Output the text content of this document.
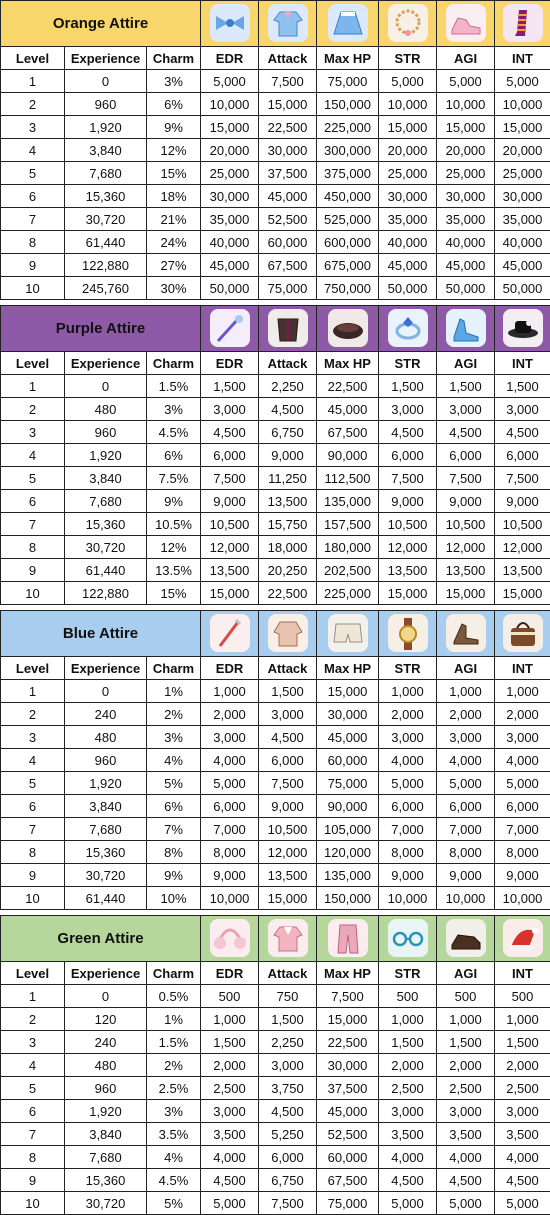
Orange Attire	

Level	Experience	Charm	EDR	Attack	Max HP	STR	AGI	INT
1	0	3%	5,000	7,500	75,000	5,000	5,000	5,000
2	960	6%	10,000	15,000	150,000	10,000	10,000	10,000
3	1,920	9%	15,000	22,500	225,000	15,000	15,000	15,000
4	3,840	12%	20,000	30,000	300,000	20,000	20,000	20,000
5	7,680	15%	25,000	37,500	375,000	25,000	25,000	25,000
6	15,360	18%	30,000	45,000	450,000	30,000	30,000	30,000
7	30,720	21%	35,000	52,500	525,000	35,000	35,000	35,000
8	61,440	24%	40,000	60,000	600,000	40,000	40,000	40,000
9	122,880	27%	45,000	67,500	675,000	45,000	45,000	45,000
10	245,760	30%	50,000	75,000	750,000	50,000	50,000	50,000
Purple Attire	

Level	Experience	Charm	EDR	Attack	Max HP	STR	AGI	INT
1	0	1.5%	1,500	2,250	22,500	1,500	1,500	1,500
2	480	3%	3,000	4,500	45,000	3,000	3,000	3,000
3	960	4.5%	4,500	6,750	67,500	4,500	4,500	4,500
4	1,920	6%	6,000	9,000	90,000	6,000	6,000	6,000
5	3,840	7.5%	7,500	11,250	112,500	7,500	7,500	7,500
6	7,680	9%	9,000	13,500	135,000	9,000	9,000	9,000
7	15,360	10.5%	10,500	15,750	157,500	10,500	10,500	10,500
8	30,720	12%	12,000	18,000	180,000	12,000	12,000	12,000
9	61,440	13.5%	13,500	20,250	202,500	13,500	13,500	13,500
10	122,880	15%	15,000	22,500	225,000	15,000	15,000	15,000
Blue Attire	

Level	Experience	Charm	EDR	Attack	Max HP	STR	AGI	INT
1	0	1%	1,000	1,500	15,000	1,000	1,000	1,000
2	240	2%	2,000	3,000	30,000	2,000	2,000	2,000
3	480	3%	3,000	4,500	45,000	3,000	3,000	3,000
4	960	4%	4,000	6,000	60,000	4,000	4,000	4,000
5	1,920	5%	5,000	7,500	75,000	5,000	5,000	5,000
6	3,840	6%	6,000	9,000	90,000	6,000	6,000	6,000
7	7,680	7%	7,000	10,500	105,000	7,000	7,000	7,000
8	15,360	8%	8,000	12,000	120,000	8,000	8,000	8,000
9	30,720	9%	9,000	13,500	135,000	9,000	9,000	9,000
10	61,440	10%	10,000	15,000	150,000	10,000	10,000	10,000
Green Attire	

Level	Experience	Charm	EDR	Attack	Max HP	STR	AGI	INT
1	0	0.5%	500	750	7,500	500	500	500
2	120	1%	1,000	1,500	15,000	1,000	1,000	1,000
3	240	1.5%	1,500	2,250	22,500	1,500	1,500	1,500
4	480	2%	2,000	3,000	30,000	2,000	2,000	2,000
5	960	2.5%	2,500	3,750	37,500	2,500	2,500	2,500
6	1,920	3%	3,000	4,500	45,000	3,000	3,000	3,000
7	3,840	3.5%	3,500	5,250	52,500	3,500	3,500	3,500
8	7,680	4%	4,000	6,000	60,000	4,000	4,000	4,000
9	15,360	4.5%	4,500	6,750	67,500	4,500	4,500	4,500
10	30,720	5%	5,000	7,500	75,000	5,000	5,000	5,000
